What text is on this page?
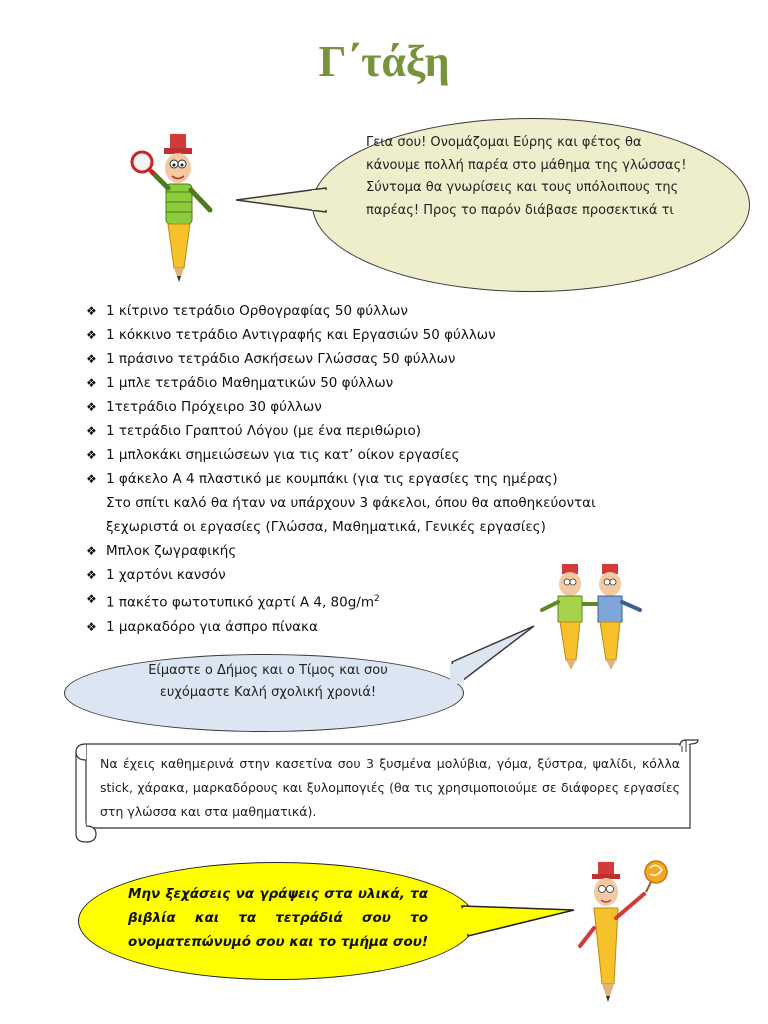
Γ΄τάξη
Γεια σου! Ονομάζομαι Εύρης και φέτος θα κάνουμε πολλή παρέα στο μάθημα της γλώσσας! Σύντομα θα γνωρίσεις και τους υπόλοιπους της παρέας! Προς το παρόν διάβασε προσεκτικά τι
❖ 1 κίτρινο τετράδιο Ορθογραφίας 50 φύλλων
❖ 1 κόκκινο τετράδιο Αντιγραφής και Εργασιών 50 φύλλων
❖ 1 πράσινο τετράδιο Ασκήσεων Γλώσσας 50 φύλλων
❖ 1 μπλε τετράδιο Μαθηματικών 50 φύλλων
❖ 1τετράδιο Πρόχειρο 30 φύλλων
❖ 1 τετράδιο Γραπτού Λόγου (με ένα περιθώριο)
❖ 1 μπλοκάκι σημειώσεων για τις κατ’ οίκον εργασίες
❖ 1 φάκελο Α 4 πλαστικό με κουμπάκι (για τις εργασίες της ημέρας)
Στο σπίτι καλό θα ήταν να υπάρχουν 3 φάκελοι, όπου θα αποθηκεύονται
ξεχωριστά οι εργασίες (Γλώσσα, Μαθηματικά, Γενικές εργασίες)
❖ Μπλοκ ζωγραφικής
❖ 1 χαρτόνι κανσόν
❖ 1 πακέτο φωτοτυπικό χαρτί Α 4, $80g/m^2$
❖ 1 μαρκαδόρο για άσπρο πίνακα
Είμαστε ο Δήμος και ο Τίμος και σου ευχόμαστε Καλή σχολική χρονιά!
Να έχεις καθημερινά στην κασετίνα σου 3 ξυσμένα μολύβια, γόμα, ξύστρα, ψαλίδι, κόλλα stick, χάρακα, μαρκαδόρους και ξυλομπογιές (θα τις χρησιμοποιούμε σε διάφορες εργασίες στη γλώσσα και στα μαθηματικά).
Μην ξεχάσεις να γράψεις στα υλικά, τα βιβλία και τα τετράδιά σου το ονοματεπώνυμό σου και το τμήμα σου!
